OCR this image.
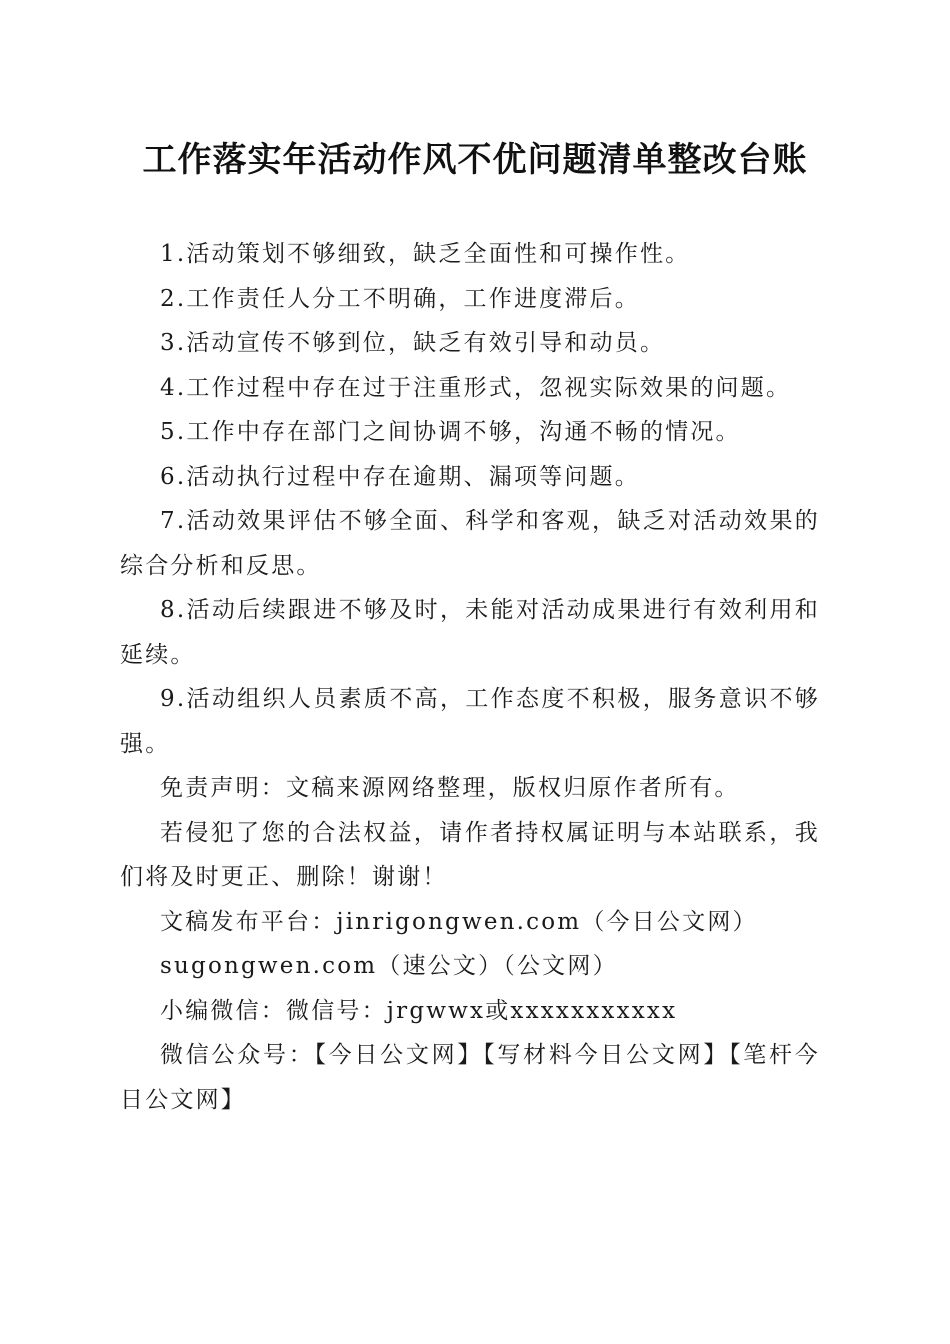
工作落实年活动作风不优问题清单整改台账

1.活动策划不够细致，缺乏全面性和可操作性。

2.工作责任人分工不明确，工作进度滞后。

3.活动宣传不够到位，缺乏有效引导和动员。

4.工作过程中存在过于注重形式，忽视实际效果的问题。

5.工作中存在部门之间协调不够，沟通不畅的情况。

6.活动执行过程中存在逾期、漏项等问题。

7.活动效果评估不够全面、科学和客观，缺乏对活动效果的综合分析和反思。

8.活动后续跟进不够及时，未能对活动成果进行有效利用和延续。

9.活动组织人员素质不高，工作态度不积极，服务意识不够强。

免责声明：文稿来源网络整理，版权归原作者所有。

若侵犯了您的合法权益，请作者持权属证明与本站联系，我们将及时更正、删除！谢谢！

文稿发布平台：jinrigongwen.com（今日公文网）

sugongwen.com（速公文）（公文网）

小编微信：微信号：jrgwwx或xxxxxxxxxxx

微信公众号：【今日公文网】【写材料今日公文网】【笔杆今日公文网】
